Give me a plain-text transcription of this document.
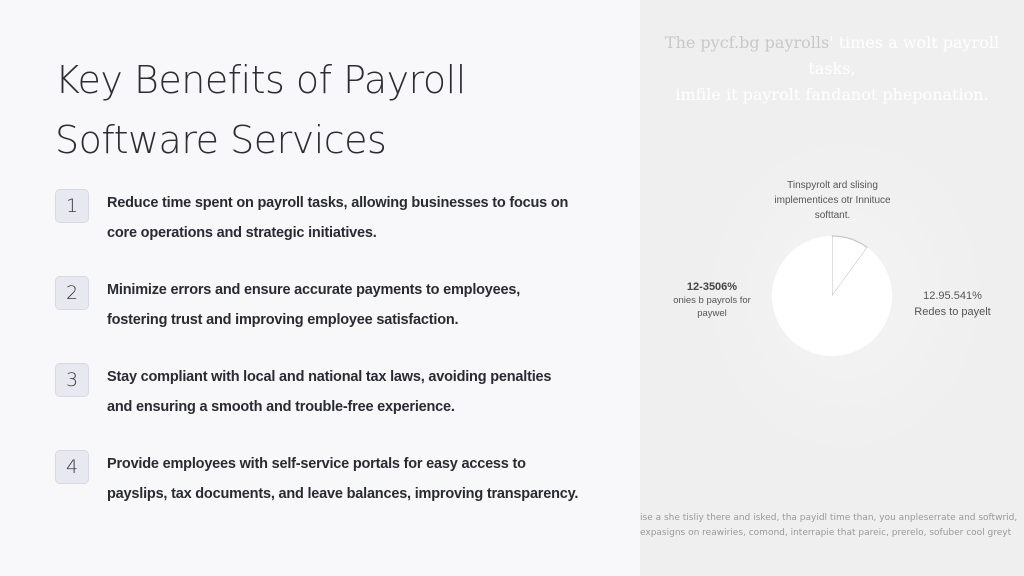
Key Benefits of Payroll
Software Services
1	Reduce time spent on payroll tasks, allowing businesses to focus on
core operations and strategic initiatives.
2	Minimize errors and ensure accurate payments to employees,
fostering trust and improving employee satisfaction.
3	Stay compliant with local and national tax laws, avoiding penalties
and ensuring a smooth and trouble-free experience.
4	Provide employees with self-service portals for easy access to
payslips, tax documents, and leave balances, improving transparency.
The pycf.bg payrolls' times a wolt payroll tasks,
imfile it payrolt fandanot pheponation.
Tinspyrolt ard slising implementices otr Innituce softtant.
12-3506%
onies b payrols for paywel
12.95.541%
Redes to payelt
ise a she tisliy there and isked, tha payidl time than, you anpleserrate and softwrid,
expasigns on reawiries, comond, interrapie that pareic, prerelo, sofuber cool greyt
